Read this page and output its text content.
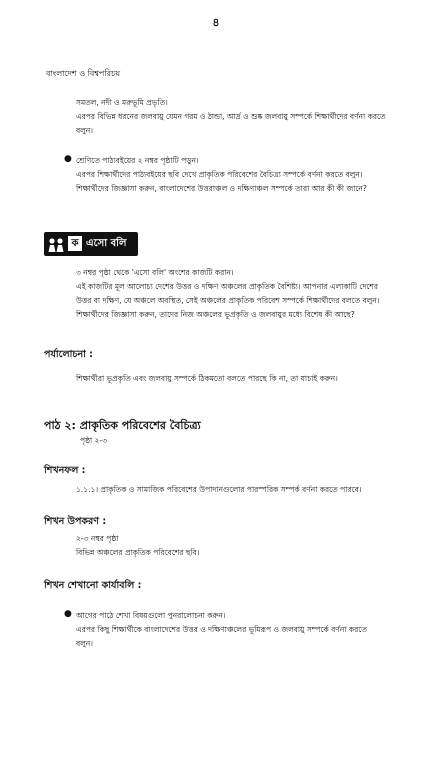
৪
বাংলাদেশ ও বিশ্বপরিচয়
সমতল, নদী ও মরুভূমি প্রভৃতি।
এরপর বিভিন্ন ধরনের জলবায়ু যেমন গরম ও ঠান্ডা, আর্দ্র ও শুষ্ক জলবায়ু সম্পর্কে শিক্ষার্থীদের বর্ণনা করতে
বলুন।
● শ্রেণিতে পাঠ্যবইয়ের ২ নম্বর পৃষ্ঠাটি পড়ুন।
এরপর শিক্ষার্থীদের পাঠ্যবইয়ের ছবি দেখে প্রাকৃতিক পরিবেশের বৈচিত্র্য সম্পর্কে বর্ণনা করতে বলুন।
শিক্ষার্থীদের জিজ্ঞাসা করুন, বাংলাদেশের উত্তরাঞ্চল ও দক্ষিণাঞ্চল সম্পর্কে তারা আর কী কী জানে?
ক এসো বলি
৩ নম্বর পৃষ্ঠা থেকে 'এসো বলি' অংশের কাজটি করান।
এই কাজটির মূল আলোচ্য দেশের উত্তর ও দক্ষিণ অঞ্চলের প্রাকৃতিক বৈশিষ্ট্য। আপনার এলাকাটি দেশের
উত্তর বা দক্ষিণ, যে অঞ্চলে অবস্থিত, সেই অঞ্চলের প্রাকৃতিক পরিবেশ সম্পর্কে শিক্ষার্থীদের বলতে বলুন।
শিক্ষার্থীদের জিজ্ঞাসা করুন, তাদের নিজ অঞ্চলের ভূপ্রকৃতি ও জলবায়ুর মধ্যে বিশেষ কী আছে?
পর্যালোচনা :
শিক্ষার্থীরা ভূপ্রকৃতি এবং জলবায়ু সম্পর্কে ঠিকমতো বলতে পারছে কি না, তা যাচাই করুন।
পাঠ ২: প্রাকৃতিক পরিবেশের বৈচিত্র্য
পৃষ্ঠা ২-৩
শিখনফল :
১.১.১। প্রাকৃতিক ও সামাজিক পরিবেশের উপাদানগুলোর পারস্পরিক সম্পর্ক বর্ণনা করতে পারবে।
শিখন উপকরণ :
২-৩ নম্বর পৃষ্ঠা
বিভিন্ন অঞ্চলের প্রাকৃতিক পরিবেশের ছবি।
শিখন শেখানো কার্যাবলি :
● আগের পাঠে শেখা বিষয়গুলো পুনরালোচনা করুন।
এরপর কিছু শিক্ষার্থীকে বাংলাদেশের উত্তর ও দক্ষিণাঞ্চলের ভূমিরূপ ও জলবায়ু সম্পর্কে বর্ণনা করতে
বলুন।
